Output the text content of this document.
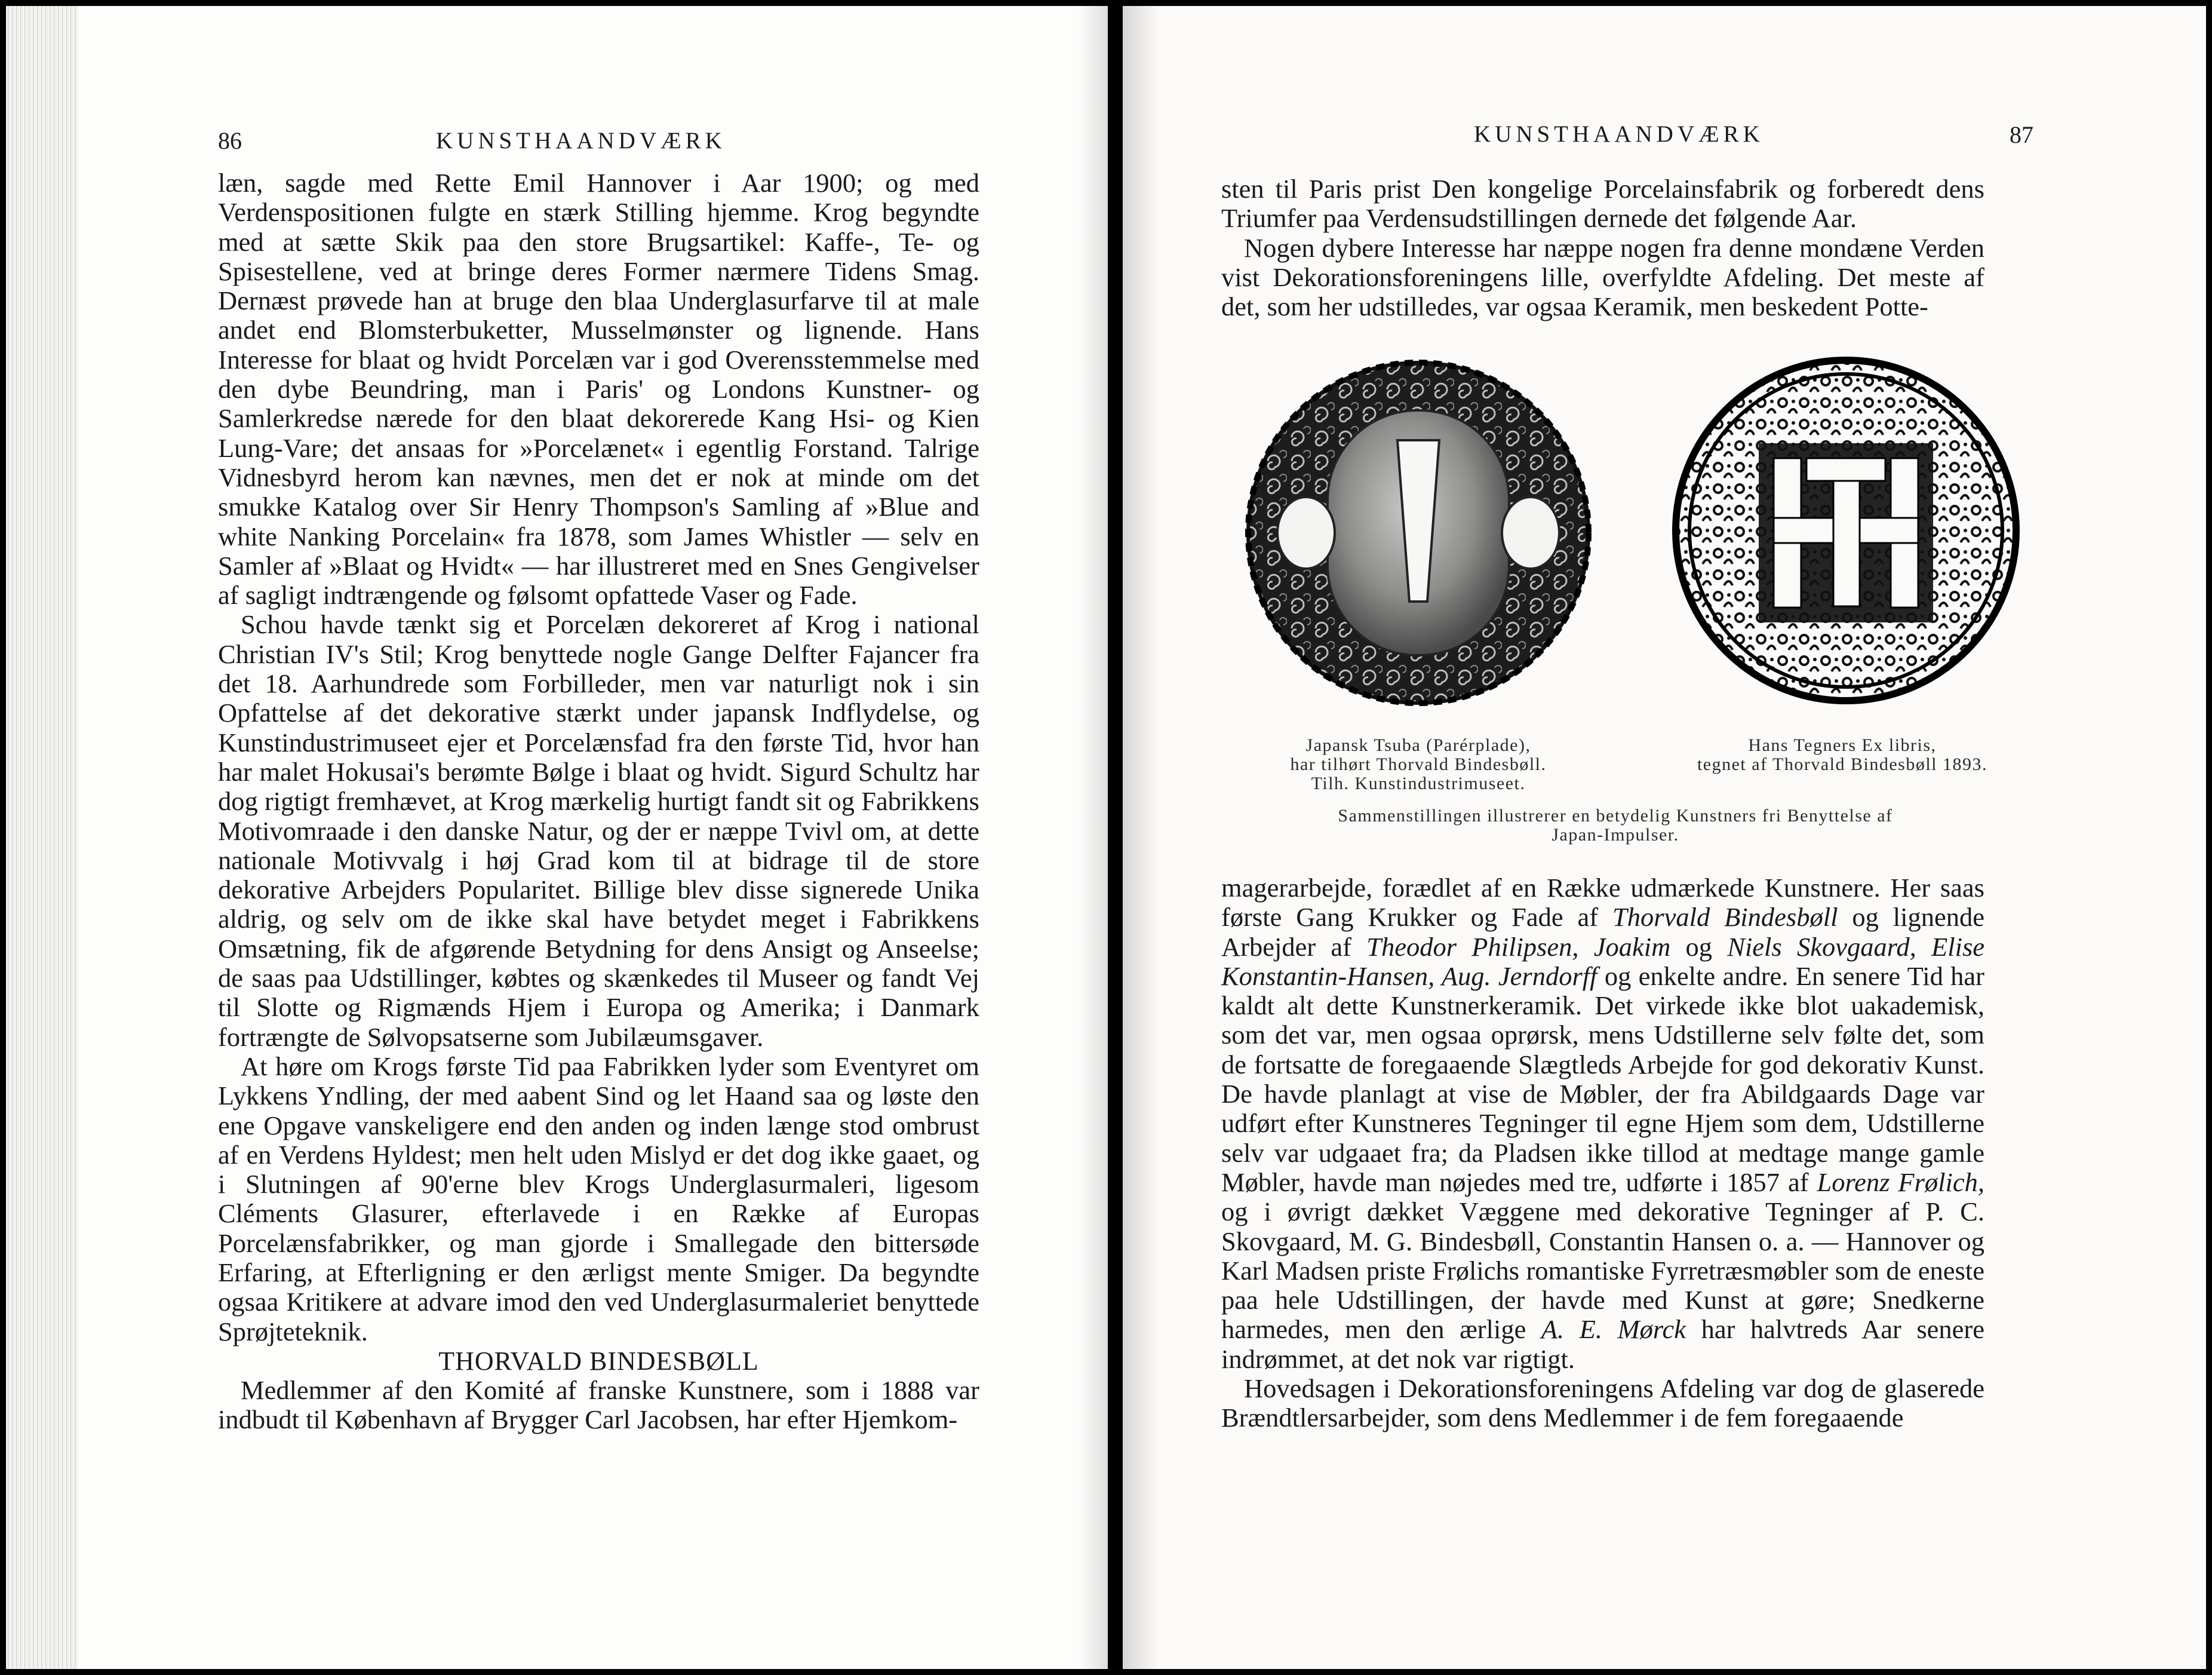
86	KUNSTHAANDVÆRK

læn, sagde med Rette Emil Hannover i Aar 1900; og med Verdenspositionen fulgte en stærk Stilling hjemme. Krog begyndte med at sætte Skik paa den store Brugsartikel: Kaffe-, Te- og Spisestellene, ved at bringe deres Former nærmere Tidens Smag. Dernæst prøvede han at bruge den blaa Underglasurfarve til at male andet end Blomsterbuketter, Musselmønster og lignende. Hans Interesse for blaat og hvidt Porcelæn var i god Overensstemmelse med den dybe Beundring, man i Paris' og Londons Kunstner- og Samlerkredse nærede for den blaat dekorerede Kang Hsi- og Kien Lung-Vare; det ansaas for »Porcelænet« i egentlig Forstand. Talrige Vidnesbyrd herom kan nævnes, men det er nok at minde om det smukke Katalog over Sir Henry Thompson's Samling af »Blue and white Nanking Porcelain« fra 1878, som James Whistler — selv en Samler af »Blaat og Hvidt« — har illustreret med en Snes Gengivelser af sagligt indtrængende og følsomt opfattede Vaser og Fade.

Schou havde tænkt sig et Porcelæn dekoreret af Krog i national Christian IV's Stil; Krog benyttede nogle Gange Delfter Fajancer fra det 18. Aarhundrede som Forbilleder, men var naturligt nok i sin Opfattelse af det dekorative stærkt under japansk Indflydelse, og Kunstindustrimuseet ejer et Porcelænsfad fra den første Tid, hvor han har malet Hokusai's berømte Bølge i blaat og hvidt. Sigurd Schultz har dog rigtigt fremhævet, at Krog mærkelig hurtigt fandt sit og Fabrikkens Motivomraade i den danske Natur, og der er næppe Tvivl om, at dette nationale Motivvalg i høj Grad kom til at bidrage til de store dekorative Arbejders Popularitet. Billige blev disse signerede Unika aldrig, og selv om de ikke skal have betydet meget i Fabrikkens Omsætning, fik de afgørende Betydning for dens Ansigt og Anseelse; de saas paa Udstillinger, købtes og skænkedes til Museer og fandt Vej til Slotte og Rigmænds Hjem i Europa og Amerika; i Danmark fortrængte de Sølvopsatserne som Jubilæumsgaver.

At høre om Krogs første Tid paa Fabrikken lyder som Eventyret om Lykkens Yndling, der med aabent Sind og let Haand saa og løste den ene Opgave vanskeligere end den anden og inden længe stod ombrust af en Verdens Hyldest; men helt uden Mislyd er det dog ikke gaaet, og i Slutningen af 90'erne blev Krogs Underglasurmaleri, ligesom Cléments Glasurer, efterlavede i en Række af Europas Porcelænsfabrikker, og man gjorde i Smallegade den bittersøde Erfaring, at Efterligning er den ærligst mente Smiger. Da begyndte ogsaa Kritikere at advare imod den ved Underglasurmaleriet benyttede Sprøjteteknik.

THORVALD BINDESBØLL

Medlemmer af den Komité af franske Kunstnere, som i 1888 var indbudt til København af Brygger Carl Jacobsen, har efter Hjemkom-

KUNSTHAANDVÆRK	87

sten til Paris prist Den kongelige Porcelainsfabrik og forberedt dens Triumfer paa Verdensudstillingen dernede det følgende Aar.

Nogen dybere Interesse har næppe nogen fra denne mondæne Verden vist Dekorationsforeningens lille, overfyldte Afdeling. Det meste af det, som her udstilledes, var ogsaa Keramik, men beskedent Potte-

Japansk Tsuba (Parérplade),
har tilhørt Thorvald Bindesbøll.
Tilh. Kunstindustrimuseet.
Hans Tegners Ex libris,
tegnet af Thorvald Bindesbøll 1893.
Sammenstillingen illustrerer en betydelig Kunstners fri Benyttelse af
Japan-Impulser.

magerarbejde, forædlet af en Række udmærkede Kunstnere. Her saas første Gang Krukker og Fade af Thorvald Bindesbøll og lignende Arbejder af Theodor Philipsen, Joakim og Niels Skovgaard, Elise Konstantin-Hansen, Aug. Jerndorff og enkelte andre. En senere Tid har kaldt alt dette Kunstnerkeramik. Det virkede ikke blot uakademisk, som det var, men ogsaa oprørsk, mens Udstillerne selv følte det, som de fortsatte de foregaaende Slægtleds Arbejde for god dekorativ Kunst. De havde planlagt at vise de Møbler, der fra Abildgaards Dage var udført efter Kunstneres Tegninger til egne Hjem som dem, Udstillerne selv var udgaaet fra; da Pladsen ikke tillod at medtage mange gamle Møbler, havde man nøjedes med tre, udførte i 1857 af Lorenz Frølich, og i øvrigt dækket Væggene med dekorative Tegninger af P. C. Skovgaard, M. G. Bindesbøll, Constantin Hansen o. a. — Hannover og Karl Madsen priste Frølichs romantiske Fyrretræsmøbler som de eneste paa hele Udstillingen, der havde med Kunst at gøre; Snedkerne harmedes, men den ærlige A. E. Mørck har halvtreds Aar senere indrømmet, at det nok var rigtigt.

Hovedsagen i Dekorationsforeningens Afdeling var dog de glaserede Brændtlersarbejder, som dens Medlemmer i de fem foregaaende
